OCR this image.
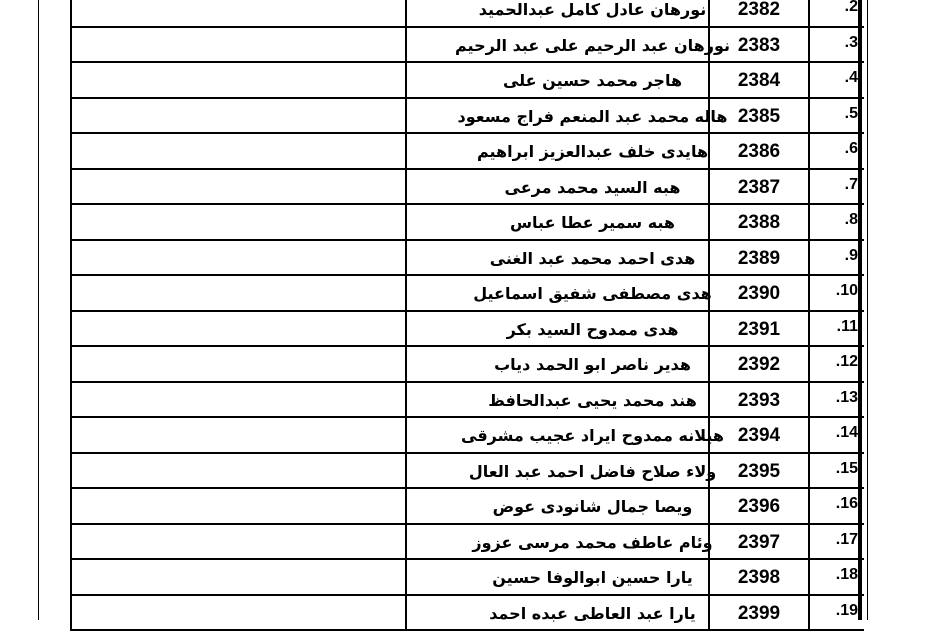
نورهان عادل كامل عبدالحميد	2382	.2
نورهان عبد الرحيم على عبد الرحيم 2383	.3
هاجر محمد حسين على	2384	.4
هاله محمد عبد المنعم فراج مسعود 2385	.5
هايدى خلف عبدالعزيز ابراهيم	2386	.6
هبه السيد محمد مرعى	2387	.7
هبه سمير عطا عباس	2388	.8
هدى احمد محمد عبد الغنى	2389	.9
هدى مصطفى شفيق اسماعيل	2390	.10
هدى ممدوح السيد بكر	2391	.11
هدير ناصر ابو الحمد دياب	2392	.12
هند محمد يحيى عبدالحافظ	2393	.13
هيلانه ممدوح ايراد عجيب مشرقى 2394	.14
ولاء صلاح فاضل احمد عبد العال	2395	.15
ويصا جمال شانودى عوض	2396	.16
وئام عاطف محمد مرسى عزوز	2397	.17
يارا حسين ابوالوفا حسين	2398	.18
يارا عبد العاطى عبده احمد	2399	.19
